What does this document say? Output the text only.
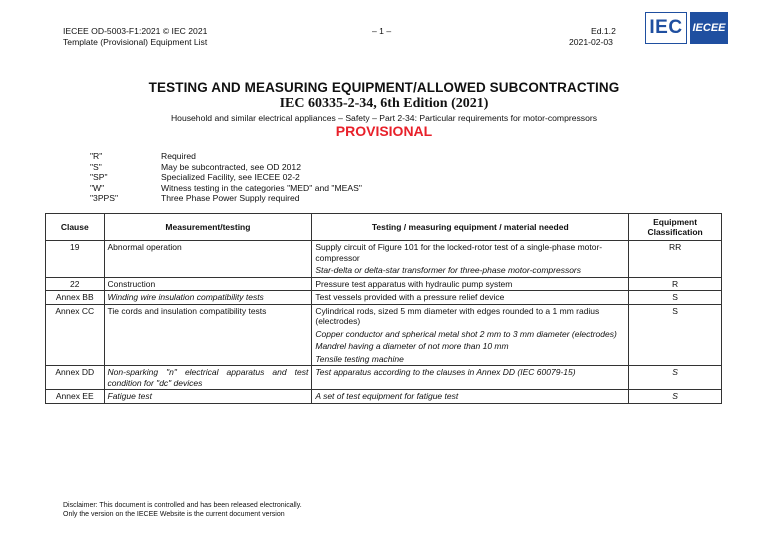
IECEE OD-5003-F1:2021 © IEC 2021
Template (Provisional) Equipment List
– 1 –	Ed.1.2
2021-02-03
IEC IECEE
TESTING AND MEASURING EQUIPMENT/ALLOWED SUBCONTRACTING
IEC 60335-2-34, 6th Edition (2021)
Household and similar electrical appliances – Safety – Part 2-34: Particular requirements for motor-compressors
PROVISIONAL
"R"	Required
"S"	May be subcontracted, see OD 2012
"SP"	Specialized Facility, see IECEE 02-2
"W"	Witness testing in the categories "MED" and "MEAS"
"3PPS"	Three Phase Power Supply required
Clause	Measurement/testing	Testing / measuring equipment / material needed	Equipment Classification
19	Abnormal operation	Supply circuit of Figure 101 for the locked-rotor test of a single-phase motor-compressor
Star-delta or delta-star transformer for three-phase motor-compressors	RR
22	Construction	Pressure test apparatus with hydraulic pump system	R
Annex BB	Winding wire insulation compatibility tests	Test vessels provided with a pressure relief device	S
Annex CC	Tie cords and insulation compatibility tests	Cylindrical rods, sized 5 mm diameter with edges rounded to a 1 mm radius (electrodes)
Copper conductor and spherical metal shot 2 mm to 3 mm diameter (electrodes)
Mandrel having a diameter of not more than 10 mm
Tensile testing machine	S
Annex DD	Non-sparking "n" electrical apparatus and test condition for "dc" devices	Test apparatus according to the clauses in Annex DD (IEC 60079-15)	S
Annex EE	Fatigue test	A set of test equipment for fatigue test	S
Disclaimer: This document is controlled and has been released electronically.
Only the version on the IECEE Website is the current document version
